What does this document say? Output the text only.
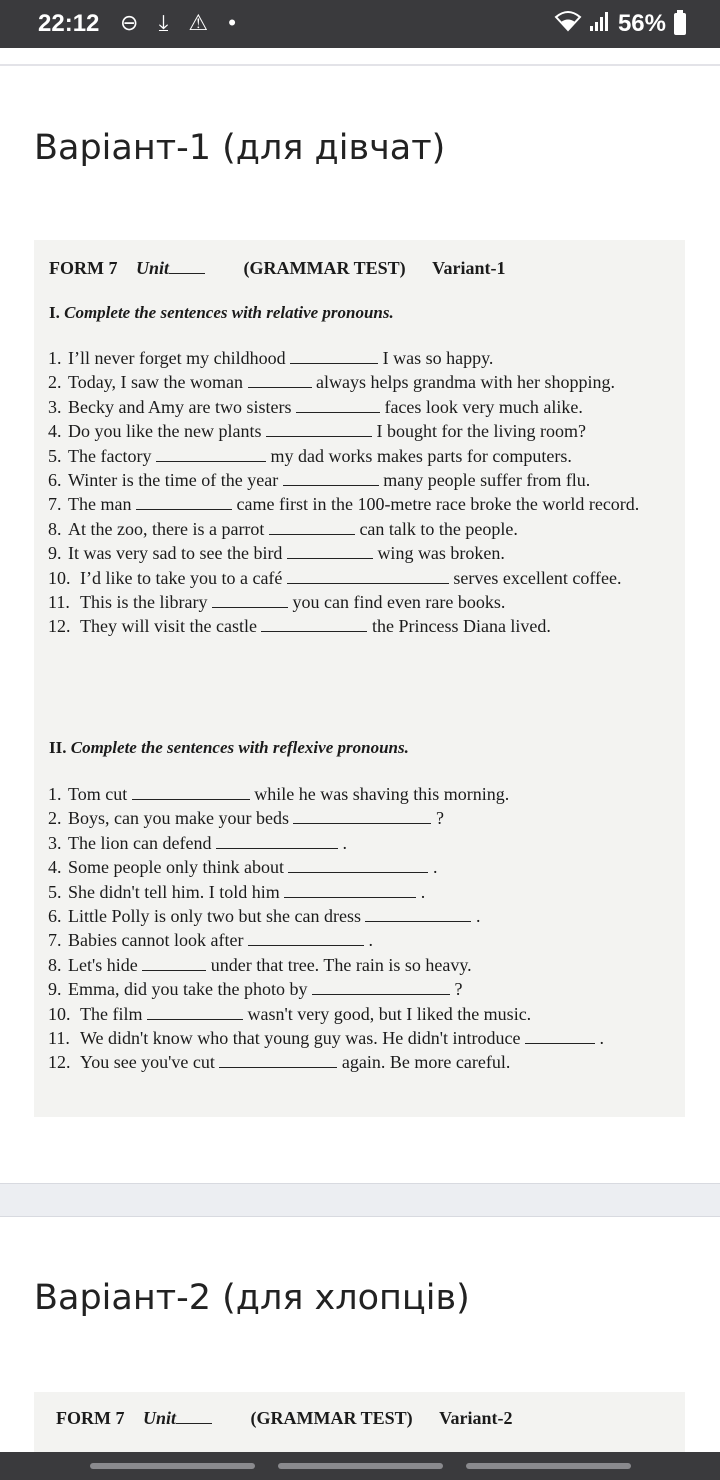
22:12 ⊖ ⤓ ⚠ •	56%
Варіант-1 (для дівчат)
FORM 7 Unit	(GRAMMAR TEST) Variant-1
I. Complete the sentences with relative pronouns.
1. I’ll never forget my childhood	I was so happy.
2. Today, I saw the woman	always helps grandma with her shopping.
3. Becky and Amy are two sisters	faces look very much alike.
4. Do you like the new plants	I bought for the living room?
5. The factory	my dad works makes parts for computers.
6. Winter is the time of the year	many people suffer from flu.
7. The man	came first in the 100-metre race broke the world record.
8. At the zoo, there is a parrot	can talk to the people.
9. It was very sad to see the bird	wing was broken.
10. I’d like to take you to a café	serves excellent coffee.
11. This is the library	you can find even rare books.
12. They will visit the castle	the Princess Diana lived.
II. Complete the sentences with reflexive pronouns.
1. Tom cut	while he was shaving this morning.
2. Boys, can you make your beds	?
3. The lion can defend	.
4. Some people only think about	.
5. She didn't tell him. I told him	.
6. Little Polly is only two but she can dress	.
7. Babies cannot look after	.
8. Let's hide	under that tree. The rain is so heavy.
9. Emma, did you take the photo by	?
10. The film	wasn't very good, but I liked the music.
11. We didn't know who that young guy was. He didn't introduce	.
12. You see you've cut	again. Be more careful.
Варіант-2 (для хлопців)
FORM 7 Unit	(GRAMMAR TEST) Variant-2
